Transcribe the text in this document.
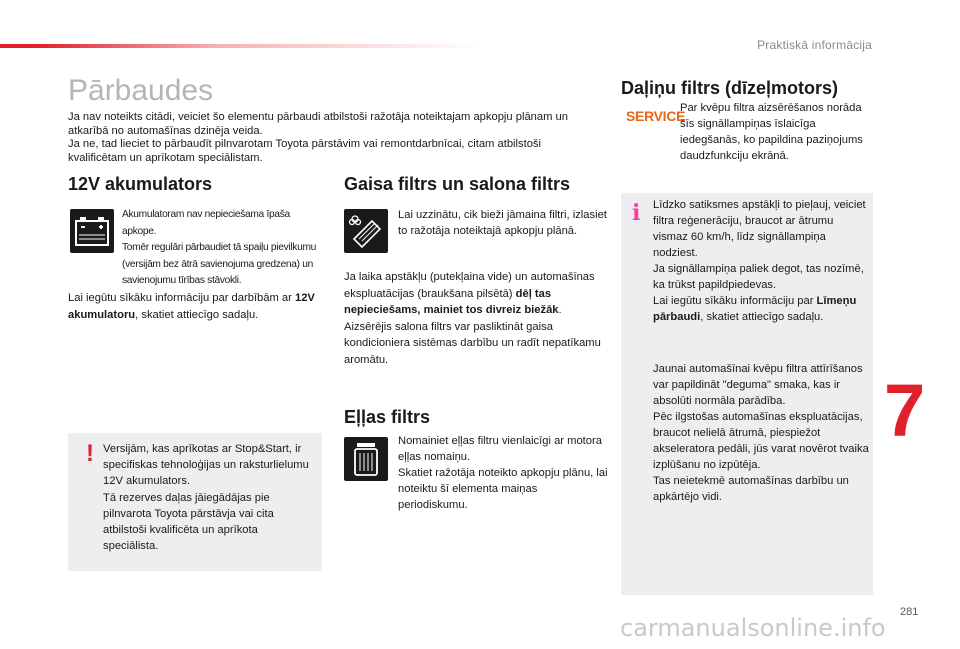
Praktiskā informācija
Pārbaudes

Ja nav noteikts citādi, veiciet šo elementu pārbaudi atbilstoši ražotāja noteiktajam apkopju plānam un atkarībā no automašīnas dzinēja veida.

Ja ne, tad lieciet to pārbaudīt pilnvarotam Toyota pārstāvim vai remontdarbnīcai, citam atbilstoši kvalificētam un aprīkotam speciālistam.

12V akumulators

Akumulatoram nav nepieciešama īpaša apkope.

Tomēr regulāri pārbaudiet tā spaiļu pievilkumu (versijām bez ātrā savienojuma gredzena) un savienojumu tīrības stāvokli.

Lai iegūtu sīkāku informāciju par darbībām ar 12V akumulatoru, skatiet attiecīgo sadaļu.
! Versijām, kas aprīkotas ar Stop&Start, ir specifiskas tehnoloģijas un raksturlielumu 12V akumulators.

Tā rezerves daļas jāiegādājas pie pilnvarota Toyota pārstāvja vai cita atbilstoši kvalificēta un aprīkota speciālista.

Gaisa filtrs un salona filtrs
Lai uzzinātu, cik bieži jāmaina filtri, izlasiet to ražotāja noteiktajā apkopju plānā.

Ja laika apstākļu (putekļaina vide) un automašīnas ekspluatācijas (braukšana pilsētā) dēļ tas nepieciešams, mainiet tos divreiz biežāk.

Aizsērējis salona filtrs var pasliktināt gaisa kondicioniera sistēmas darbību un radīt nepatīkamu aromātu.

Eļļas filtrs

Nomainiet eļļas filtru vienlaicīgi ar motora eļļas nomaiņu.

Skatiet ražotāja noteikto apkopju plānu, lai noteiktu šī elementa maiņas periodiskumu.

Daļiņu filtrs (dīzeļmotors)
SERVICE
Par kvēpu filtra aizsērēšanos norāda šīs signāllampiņas īslaicīga iedegšanās, ko papildina paziņojums daudzfunkciju ekrānā.
i Līdzko satiksmes apstākļi to pieļauj, veiciet filtra reģenerāciju, braucot ar ātrumu vismaz 60 km/h, līdz signāllampiņa nodziest.

Ja signāllampiņa paliek degot, tas nozīmē, ka trūkst papildpiedevas.

Lai iegūtu sīkāku informāciju par Līmeņu pārbaudi, skatiet attiecīgo sadaļu.

Jaunai automašīnai kvēpu filtra attīrīšanos var papildināt "deguma" smaka, kas ir absolūti normāla parādība.

Pēc ilgstošas automašīnas ekspluatācijas, braucot nelielā ātrumā, piespiežot akseleratora pedāli, jūs varat novērot tvaika izplūšanu no izpūtēja.

Tas neietekmē automašīnas darbību un apkārtējo vidi.

7
281
carmanualsonline.info
